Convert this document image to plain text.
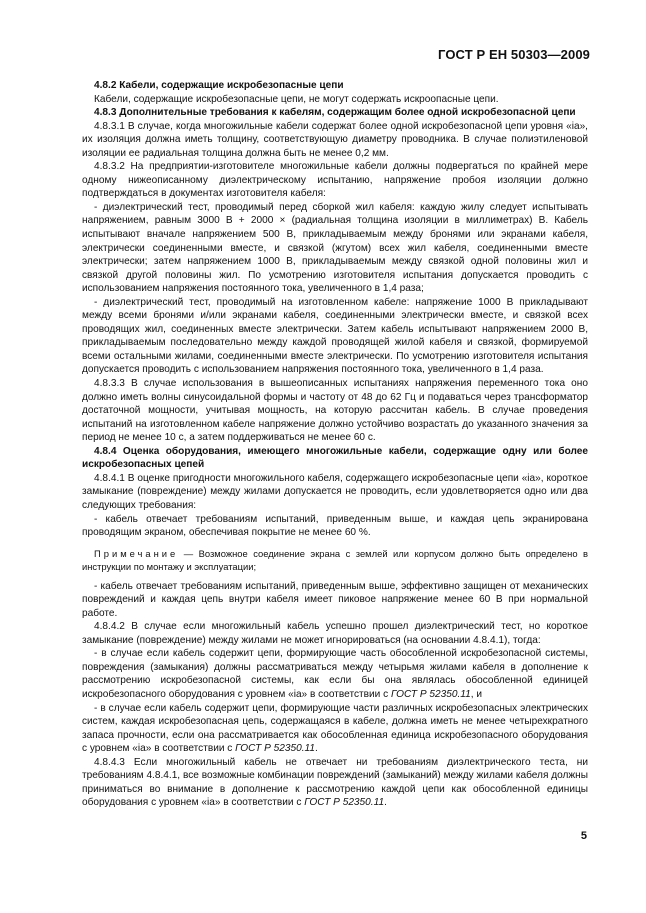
ГОСТ Р ЕН 50303—2009

4.8.2 Кабели, содержащие искробезопасные цепи

Кабели, содержащие искробезопасные цепи, не могут содержать искроопасные цепи.

4.8.3 Дополнительные требования к кабелям, содержащим более одной искробезопасной цепи

4.8.3.1 В случае, когда многожильные кабели содержат более одной искробезопасной цепи уровня «ia», их изоляция должна иметь толщину, соответствующую диаметру проводника. В случае полиэтиленовой изоляции ее радиальная толщина должна быть не менее 0,2 мм.

4.8.3.2 На предприятии-изготовителе многожильные кабели должны подвергаться по крайней мере одному нижеописанному диэлектрическому испытанию, напряжение пробоя изоляции должно подтверждаться в документах изготовителя кабеля:

- диэлектрический тест, проводимый перед сборкой жил кабеля: каждую жилу следует испытывать напряжением, равным 3000 В + 2000 × (радиальная толщина изоляции в миллиметрах) В. Кабель испытывают вначале напряжением 500 В, прикладываемым между бронями или экранами кабеля, электрически соединенными вместе, и связкой (жгутом) всех жил кабеля, соединенными вместе электрически; затем напряжением 1000 В, прикладываемым между связкой одной половины жил и связкой другой половины жил. По усмотрению изготовителя испытания допускается проводить с использованием напряжения постоянного тока, увеличенного в 1,4 раза;

- диэлектрический тест, проводимый на изготовленном кабеле: напряжение 1000 В прикладывают между всеми бронями и/или экранами кабеля, соединенными электрически вместе, и связкой всех проводящих жил, соединенных вместе электрически. Затем кабель испытывают напряжением 2000 В, прикладываемым последовательно между каждой проводящей жилой кабеля и связкой, формируемой всеми остальными жилами, соединенными вместе электрически. По усмотрению изготовителя испытания допускается проводить с использованием напряжения постоянного тока, увеличенного в 1,4 раза.

4.8.3.3 В случае использования в вышеописанных испытаниях напряжения переменного тока оно должно иметь волны синусоидальной формы и частоту от 48 до 62 Гц и подаваться через трансформатор достаточной мощности, учитывая мощность, на которую рассчитан кабель. В случае проведения испытаний на изготовленном кабеле напряжение должно устойчиво возрастать до указанного значения за период не менее 10 с, а затем поддерживаться не менее 60 с.

4.8.4 Оценка оборудования, имеющего многожильные кабели, содержащие одну или более искробезопасных цепей

4.8.4.1 В оценке пригодности многожильного кабеля, содержащего искробезопасные цепи «ia», короткое замыкание (повреждение) между жилами допускается не проводить, если удовлетворяется одно или два следующих требования:

- кабель отвечает требованиям испытаний, приведенным выше, и каждая цепь экранирована проводящим экраном, обеспечивая покрытие не менее 60 %.

Примечание — Возможное соединение экрана с землей или корпусом должно быть определено в инструкции по монтажу и эксплуатации;

- кабель отвечает требованиям испытаний, приведенным выше, эффективно защищен от механических повреждений и каждая цепь внутри кабеля имеет пиковое напряжение менее 60 В при нормальной работе.

4.8.4.2 В случае если многожильный кабель успешно прошел диэлектрический тест, но короткое замыкание (повреждение) между жилами не может игнорироваться (на основании 4.8.4.1), тогда:

- в случае если кабель содержит цепи, формирующие часть обособленной искробезопасной системы, повреждения (замыкания) должны рассматриваться между четырьмя жилами кабеля в дополнение к рассмотрению искробезопасной системы, как если бы она являлась обособленной единицей искробезопасного оборудования с уровнем «ia» в соответствии с ГОСТ Р 52350.11, и

- в случае если кабель содержит цепи, формирующие части различных искробезопасных электрических систем, каждая искробезопасная цепь, содержащаяся в кабеле, должна иметь не менее четырехкратного запаса прочности, если она рассматривается как обособленная единица искробезопасного оборудования с уровнем «ia» в соответствии с ГОСТ Р 52350.11.

4.8.4.3 Если многожильный кабель не отвечает ни требованиям диэлектрического теста, ни требованиям 4.8.4.1, все возможные комбинации повреждений (замыканий) между жилами кабеля должны приниматься во внимание в дополнение к рассмотрению каждой цепи как обособленной единицы оборудования с уровнем «ia» в соответствии с ГОСТ Р 52350.11.

5
